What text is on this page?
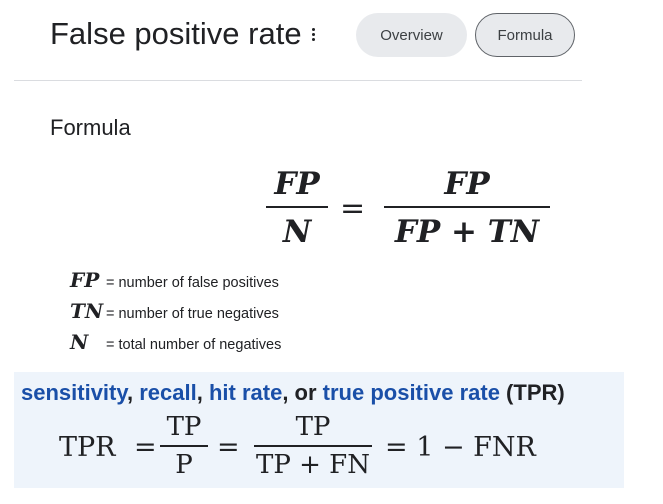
False positive rate	Overview	Formula
Formula
FP
N
=
FP
FP + TN
FP = number of false positives
TN = number of true negatives
N	= total number of negatives
sensitivity, recall, hit rate, or true positive rate (TPR)
TPR =
TP
P
=
TP
TP + FN
= 1 − FNR
